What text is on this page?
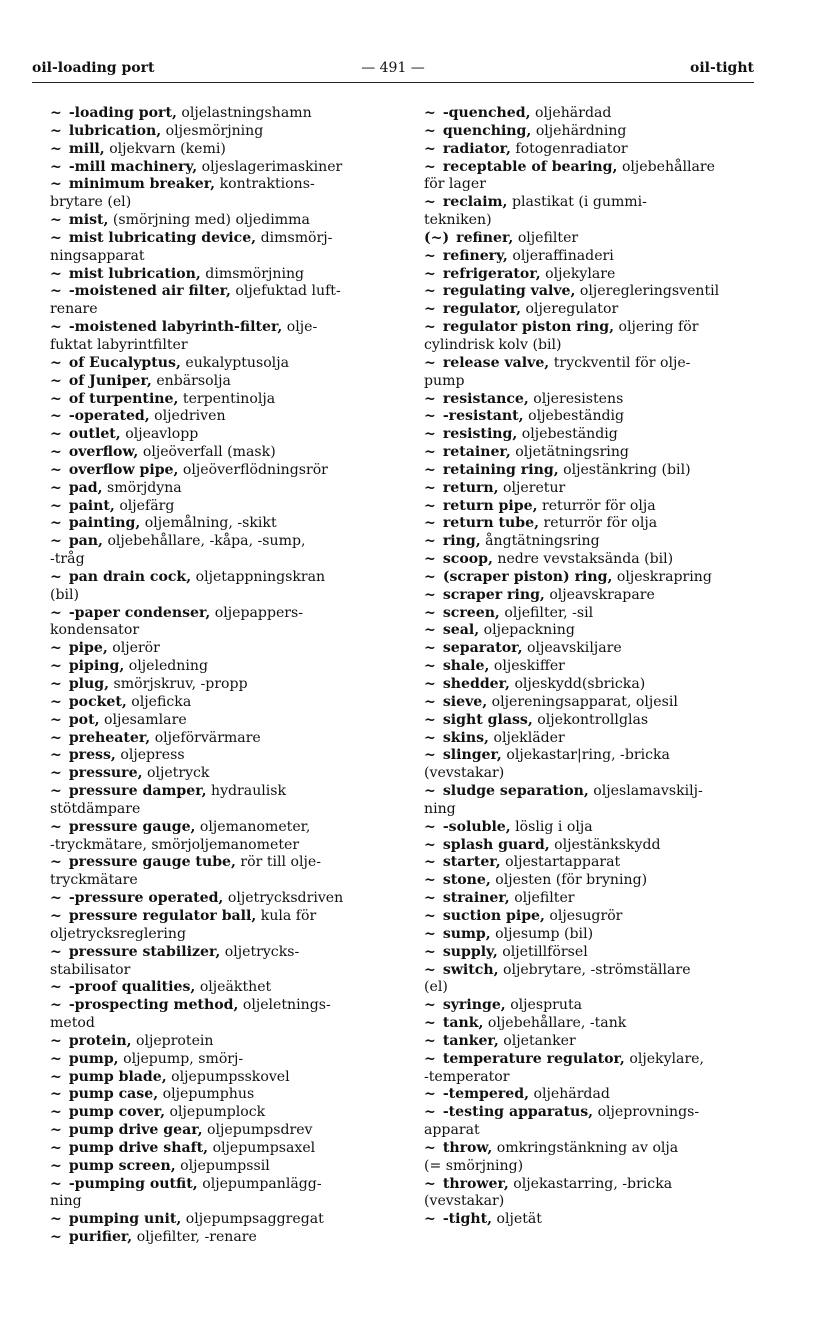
oil-loading port	— 491 —	oil-tight
~ -loading port, oljelastningshamn
~ lubrication, oljesmörjning
~ mill, oljekvarn (kemi)
~ -mill machinery, oljeslagerimaskiner
~ minimum breaker, kontraktions-
brytare (el)
~ mist, (smörjning med) oljedimma
~ mist lubricating device, dimsmörj-
ningsapparat
~ mist lubrication, dimsmörjning
~ -moistened air filter, oljefuktad luft-
renare
~ -moistened labyrinth-filter, olje-
fuktat labyrintfilter
~ of Eucalyptus, eukalyptusolja
~ of Juniper, enbärsolja
~ of turpentine, terpentinolja
~ -operated, oljedriven
~ outlet, oljeavlopp
~ overflow, oljeöverfall (mask)
~ overflow pipe, oljeöverflödningsrör
~ pad, smörjdyna
~ paint, oljefärg
~ painting, oljemålning, -skikt
~ pan, oljebehållare, -kåpa, -sump,
-tråg
~ pan drain cock, oljetappningskran
(bil)
~ -paper condenser, oljepappers-
kondensator
~ pipe, oljerör
~ piping, oljeledning
~ plug, smörjskruv, -propp
~ pocket, oljeficka
~ pot, oljesamlare
~ preheater, oljeförvärmare
~ press, oljepress
~ pressure, oljetryck
~ pressure damper, hydraulisk
stötdämpare
~ pressure gauge, oljemanometer,
-tryckmätare, smörjoljemanometer
~ pressure gauge tube, rör till olje-
tryckmätare
~ -pressure operated, oljetrycksdriven
~ pressure regulator ball, kula för
oljetrycksreglering
~ pressure stabilizer, oljetrycks-
stabilisator
~ -proof qualities, oljeäkthet
~ -prospecting method, oljeletnings-
metod
~ protein, oljeprotein
~ pump, oljepump, smörj-
~ pump blade, oljepumpsskovel
~ pump case, oljepumphus
~ pump cover, oljepumplock
~ pump drive gear, oljepumpsdrev
~ pump drive shaft, oljepumpsaxel
~ pump screen, oljepumpssil
~ -pumping outfit, oljepumpanlägg-
ning
~ pumping unit, oljepumpsaggregat
~ purifier, oljefilter, -renare
~ -quenched, oljehärdad
~ quenching, oljehärdning
~ radiator, fotogenradiator
~ receptable of bearing, oljebehållare
för lager
~ reclaim, plastikat (i gummi-
tekniken)
(~) refiner, oljefilter
~ refinery, oljeraffinaderi
~ refrigerator, oljekylare
~ regulating valve, oljeregleringsventil
~ regulator, oljeregulator
~ regulator piston ring, oljering för
cylindrisk kolv (bil)
~ release valve, tryckventil för olje-
pump
~ resistance, oljeresistens
~ -resistant, oljebeständig
~ resisting, oljebeständig
~ retainer, oljetätningsring
~ retaining ring, oljestänkring (bil)
~ return, oljeretur
~ return pipe, returrör för olja
~ return tube, returrör för olja
~ ring, ångtätningsring
~ scoop, nedre vevstaksända (bil)
~ (scraper piston) ring, oljeskrapring
~ scraper ring, oljeavskrapare
~ screen, oljefilter, -sil
~ seal, oljepackning
~ separator, oljeavskiljare
~ shale, oljeskiffer
~ shedder, oljeskydd(sbricka)
~ sieve, oljereningsapparat, oljesil
~ sight glass, oljekontrollglas
~ skins, oljekläder
~ slinger, oljekastar|ring, -bricka
(vevstakar)
~ sludge separation, oljeslamavskilj-
ning
~ -soluble, löslig i olja
~ splash guard, oljestänkskydd
~ starter, oljestartapparat
~ stone, oljesten (för bryning)
~ strainer, oljefilter
~ suction pipe, oljesugrör
~ sump, oljesump (bil)
~ supply, oljetillförsel
~ switch, oljebrytare, -strömställare
(el)
~ syringe, oljespruta
~ tank, oljebehållare, -tank
~ tanker, oljetanker
~ temperature regulator, oljekylare,
-temperator
~ -tempered, oljehärdad
~ -testing apparatus, oljeprovnings-
apparat
~ throw, omkringstänkning av olja
(= smörjning)
~ thrower, oljekastarring, -bricka
(vevstakar)
~ -tight, oljetät
